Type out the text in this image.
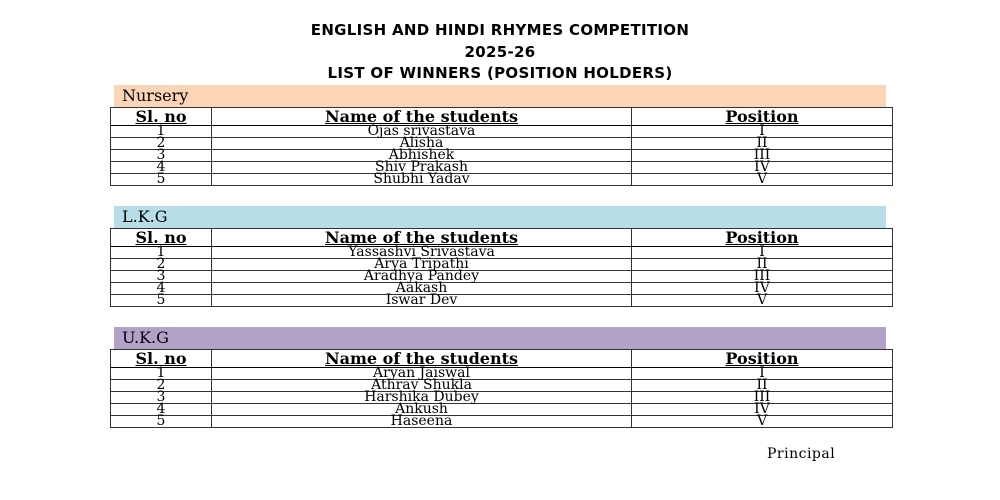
ENGLISH AND HINDI RHYMES COMPETITION
2025-26
LIST OF WINNERS (POSITION HOLDERS)
Nursery
Sl. no	Name of the students	Position
1	Ojas srivastava	I
2	Alisha	II
3	Abhishek	III
4	Shiv Prakash	IV
5	Shubhi Yadav	V
L.K.G
Sl. no	Name of the students	Position
1	Yassashvi Srivastava	I
2	Arya Tripathi	II
3	Aradhya Pandey	III
4	Aakash	IV
5	Iswar Dev	V
U.K.G
Sl. no	Name of the students	Position
1	Aryan Jaiswal	I
2	Athrav Shukla	II
3	Harshika Dubey	III
4	Ankush	IV
5	Haseena	V
Principal
